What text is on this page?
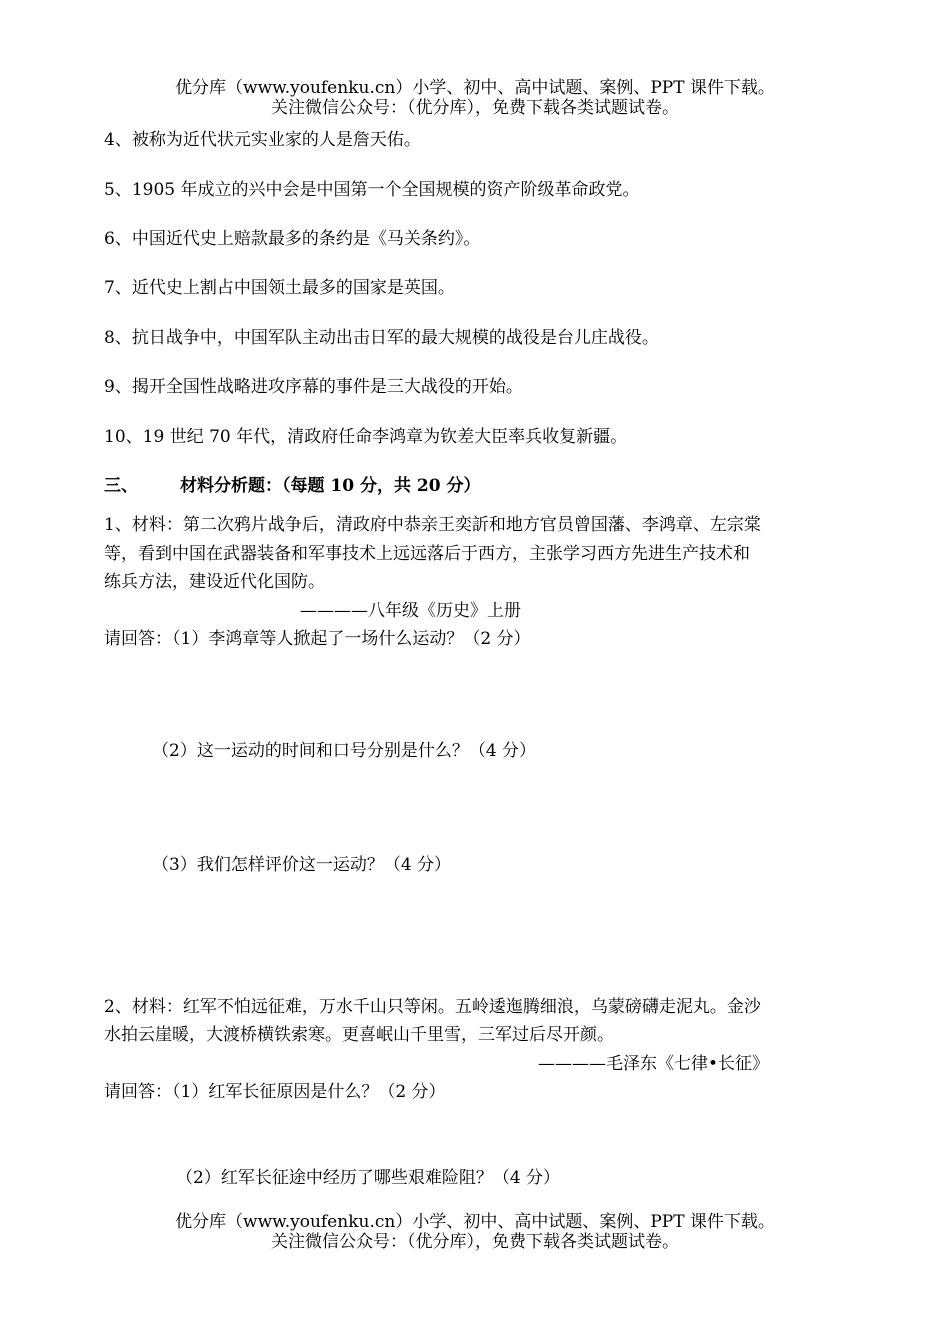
优分库（www.youfenku.cn）小学、初中、高中试题、案例、PPT 课件下载。
关注微信公众号：（优分库），免费下载各类试题试卷。
4、被称为近代状元实业家的人是詹天佑。
5、1905 年成立的兴中会是中国第一个全国规模的资产阶级革命政党。
6、中国近代史上赔款最多的条约是《马关条约》。
7、近代史上割占中国领土最多的国家是英国。
8、抗日战争中，中国军队主动出击日军的最大规模的战役是台儿庄战役。
9、揭开全国性战略进攻序幕的事件是三大战役的开始。
10、19 世纪 70 年代，清政府任命李鸿章为钦差大臣率兵收复新疆。
三、 材料分析题：（每题 10 分，共 20 分）
1、材料：第二次鸦片战争后，清政府中恭亲王奕訢和地方官员曾国藩、李鸿章、左宗棠
等，看到中国在武器装备和军事技术上远远落后于西方，主张学习西方先进生产技术和
练兵方法，建设近代化国防。
————八年级《历史》上册
请回答：（1）李鸿章等人掀起了一场什么运动？（2 分）
（2）这一运动的时间和口号分别是什么？（4 分）
（3）我们怎样评价这一运动？（4 分）
2、材料：红军不怕远征难，万水千山只等闲。五岭逶迤腾细浪，乌蒙磅礴走泥丸。金沙
水拍云崖暖，大渡桥横铁索寒。更喜岷山千里雪，三军过后尽开颜。
————毛泽东《七律•长征》
请回答：（1）红军长征原因是什么？（2 分）
（2）红军长征途中经历了哪些艰难险阻？（4 分）
优分库（www.youfenku.cn）小学、初中、高中试题、案例、PPT 课件下载。
关注微信公众号：（优分库），免费下载各类试题试卷。
